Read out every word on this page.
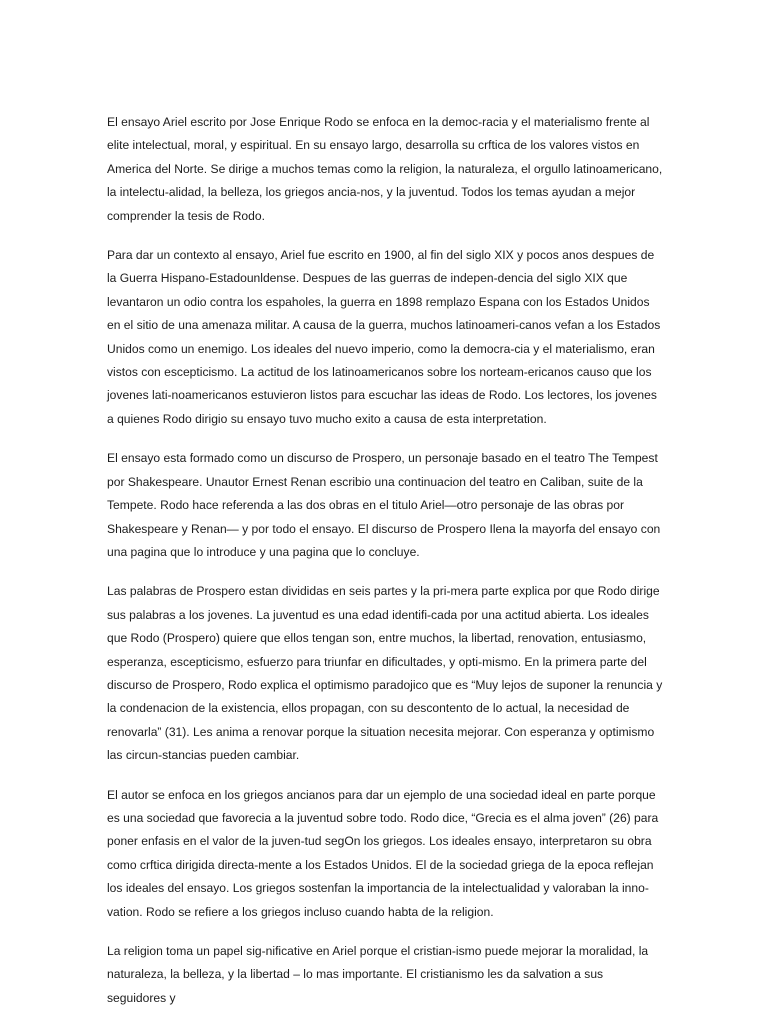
El ensayo Ariel escrito por Jose Enrique Rodo se enfoca en la democ-racia y el materialismo frente al elite intelectual, moral, y espiritual. En su ensayo largo, desarrolla su crftica de los valores vistos en America del Norte. Se dirige a muchos temas como la religion, la naturaleza, el orgullo latinoamericano, la intelectu-alidad, la belleza, los griegos ancia-nos, y la juventud. Todos los temas ayudan a mejor comprender la tesis de Rodo.

Para dar un contexto al ensayo, Ariel fue escrito en 1900, al fin del siglo XIX y pocos anos despues de la Guerra Hispano-Estadounldense. Despues de las guerras de indepen-dencia del siglo XIX que levantaron un odio contra los espaholes, la guerra en 1898 remplazo Espana con los Estados Unidos en el sitio de una amenaza militar. A causa de la guerra, muchos latinoameri-canos vefan a los Estados Unidos como un enemigo. Los ideales del nuevo imperio, como la democra-cia y el materialismo, eran vistos con escepticismo. La actitud de los latinoamericanos sobre los norteam-ericanos causo que los jovenes lati-noamericanos estuvieron listos para escuchar las ideas de Rodo. Los lectores, los jovenes a quienes Rodo dirigio su ensayo tuvo mucho exito a causa de esta interpretation.

El ensayo esta formado como un discurso de Prospero, un personaje basado en el teatro The Tempest por Shakespeare. Unautor Ernest Renan escribio una continuacion del teatro en Caliban, suite de la Tempete. Rodo hace referenda a las dos obras en el titulo Ariel—otro personaje de las obras por Shakespeare y Renan— y por todo el ensayo. El discurso de Prospero Ilena la mayorfa del ensayo con una pagina que lo introduce y una pagina que lo concluye.

Las palabras de Prospero estan divididas en seis partes y la pri-mera parte explica por que Rodo dirige sus palabras a los jovenes. La juventud es una edad identifi-cada por una actitud abierta. Los ideales que Rodo (Prospero) quiere que ellos tengan son, entre muchos, la libertad, renovation, entusiasmo, esperanza, escepticismo, esfuerzo para triunfar en dificultades, y opti-mismo. En la primera parte del discurso de Prospero, Rodo explica el optimismo paradojico que es “Muy lejos de suponer la renuncia y la condenacion de la existencia, ellos propagan, con su descontento de lo actual, la necesidad de renovarla” (31). Les anima a renovar porque la situation necesita mejorar. Con esperanza y optimismo las circun-stancias pueden cambiar.

El autor se enfoca en los griegos ancianos para dar un ejemplo de una sociedad ideal en parte porque es una sociedad que favorecia a la juventud sobre todo. Rodo dice, “Grecia es el alma joven” (26) para poner enfasis en el valor de la juven-tud segOn los griegos. Los ideales ensayo, interpretaron su obra como crftica dirigida directa-mente a los Estados Unidos. El de la sociedad griega de la epoca reflejan los ideales del ensayo. Los griegos sostenfan la importancia de la intelectualidad y valoraban la inno-vation. Rodo se refiere a los griegos incluso cuando habta de la religion.

La religion toma un papel sig-nificative en Ariel porque el cristian-ismo puede mejorar la moralidad, la naturaleza, la belleza, y la libertad – lo mas importante. El cristianismo les da salvation a sus seguidores y
